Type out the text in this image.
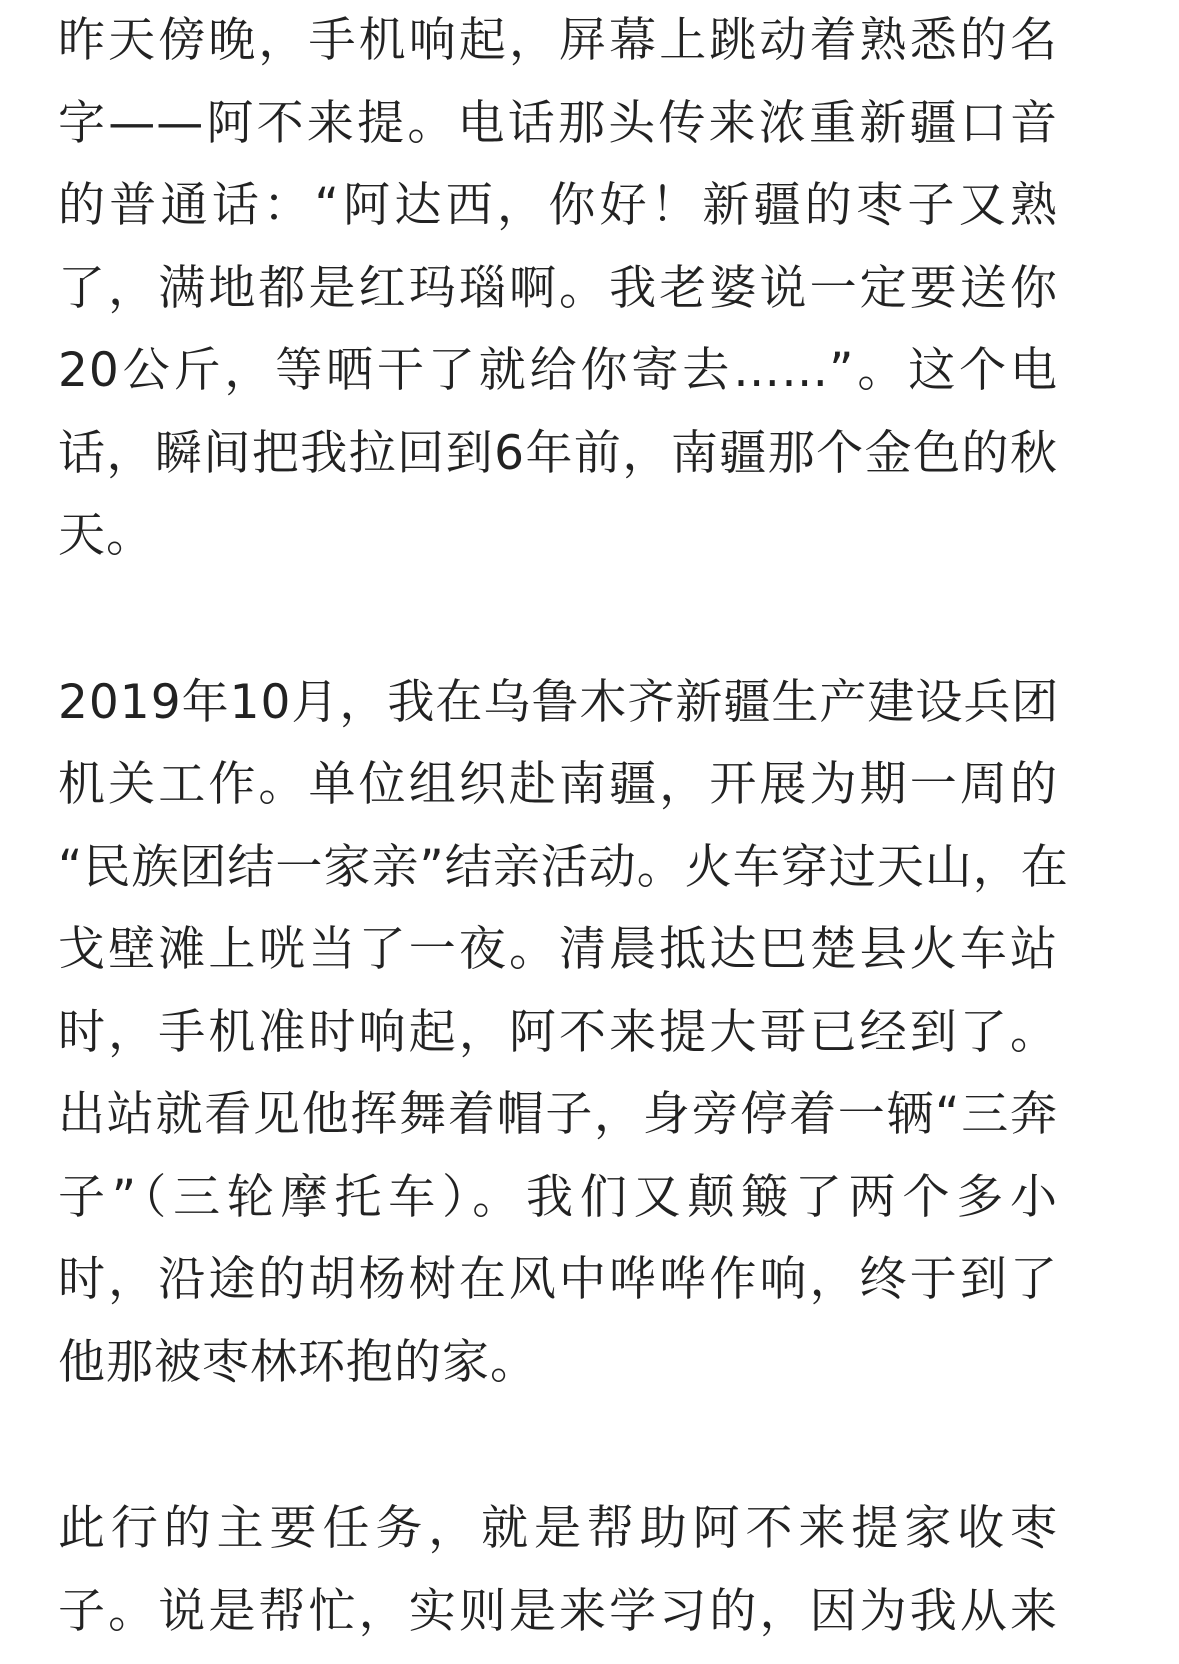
昨天傍晚，手机响起，屏幕上跳动着熟悉的名
字——阿不来提。电话那头传来浓重新疆口音
的普通话：“阿达西，你好！新疆的枣子又熟
了，满地都是红玛瑙啊。我老婆说一定要送你
20公斤，等晒干了就给你寄去……”。这个电
话，瞬间把我拉回到6年前，南疆那个金色的秋
天。
2019年10月，我在乌鲁木齐新疆生产建设兵团
机关工作。单位组织赴南疆，开展为期一周的
“民族团结一家亲”结亲活动。火车穿过天山，在
戈壁滩上咣当了一夜。清晨抵达巴楚县火车站
时，手机准时响起，阿不来提大哥已经到了。
出站就看见他挥舞着帽子，身旁停着一辆“三奔
子”（三轮摩托车）。我们又颠簸了两个多小
时，沿途的胡杨树在风中哗哗作响，终于到了
他那被枣林环抱的家。
此行的主要任务，就是帮助阿不来提家收枣
子。说是帮忙，实则是来学习的，因为我从来
